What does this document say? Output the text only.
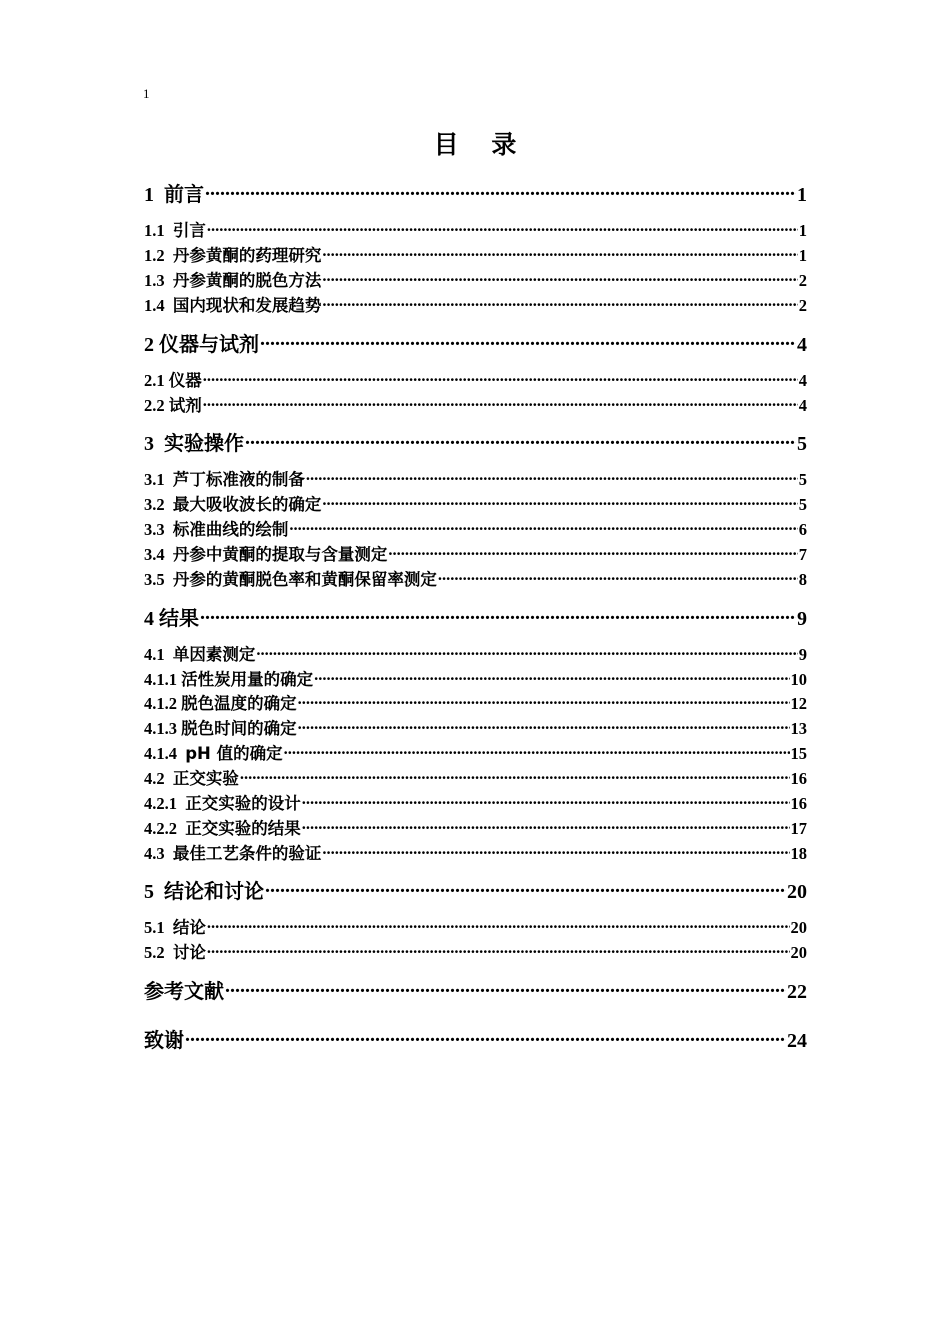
1
目 录
1  前言 .....	1
1.1  引言 .....	1
1.2  丹参黄酮的药理研究 .....	1
1.3  丹参黄酮的脱色方法 .....	2
1.4  国内现状和发展趋势 .....	2
2 仪器与试剂 .....	4
2.1 仪器 .....	4
2.2 试剂 .....	4
3  实验操作 .....	5
3.1  芦丁标准液的制备 .....	5
3.2  最大吸收波长的确定 .....	5
3.3  标准曲线的绘制 .....	6
3.4  丹参中黄酮的提取与含量测定 .....	7
3.5  丹参的黄酮脱色率和黄酮保留率测定 .....	8
4 结果 .....	9
4.1  单因素测定 .....	9
4.1.1 活性炭用量的确定 .....	10
4.1.2 脱色温度的确定 .....	12
4.1.3 脱色时间的确定 .....	13
4.1.4  pH 值的确定 .....	15
4.2  正交实验 .....	16
4.2.1  正交实验的设计 .....	16
4.2.2  正交实验的结果 .....	17
4.3  最佳工艺条件的验证 .....	18
5  结论和讨论 .....	20
5.1  结论 .....	20
5.2  讨论 .....	20
参考文献 .....	22
致谢 .....	24
